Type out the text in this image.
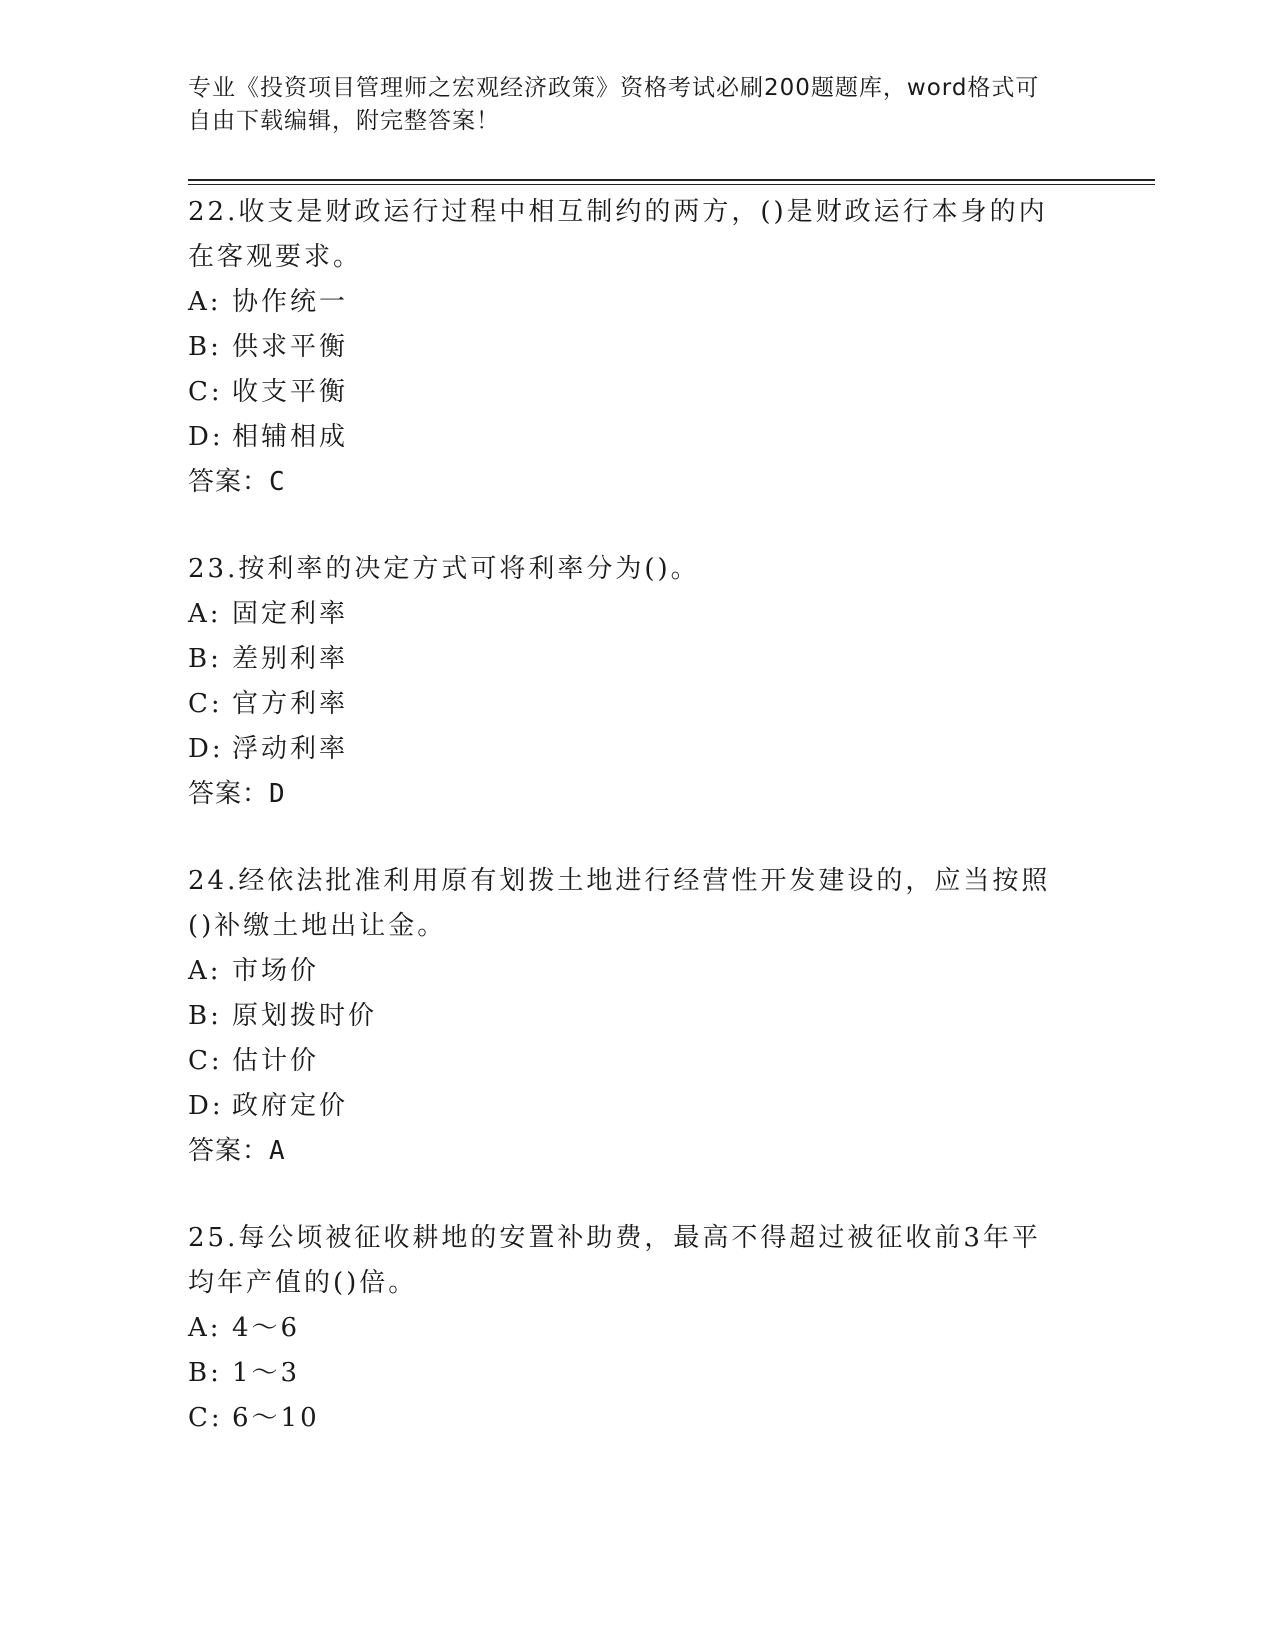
专业《投资项目管理师之宏观经济政策》资格考试必刷200题题库，word格式可
自由下载编辑，附完整答案！

22.收支是财政运行过程中相互制约的两方，()是财政运行本身的内在客观要求。

A: 协作统一

B: 供求平衡

C: 收支平衡

D: 相辅相成

答案：C

23.按利率的决定方式可将利率分为()。

A: 固定利率

B: 差别利率

C: 官方利率

D: 浮动利率

答案：D

24.经依法批准利用原有划拨土地进行经营性开发建设的，应当按照()补缴土地出让金。

A: 市场价

B: 原划拨时价

C: 估计价

D: 政府定价

答案：A

25.每公顷被征收耕地的安置补助费，最高不得超过被征收前3年平均年产值的()倍。

A: 4～6

B: 1～3

C: 6～10
